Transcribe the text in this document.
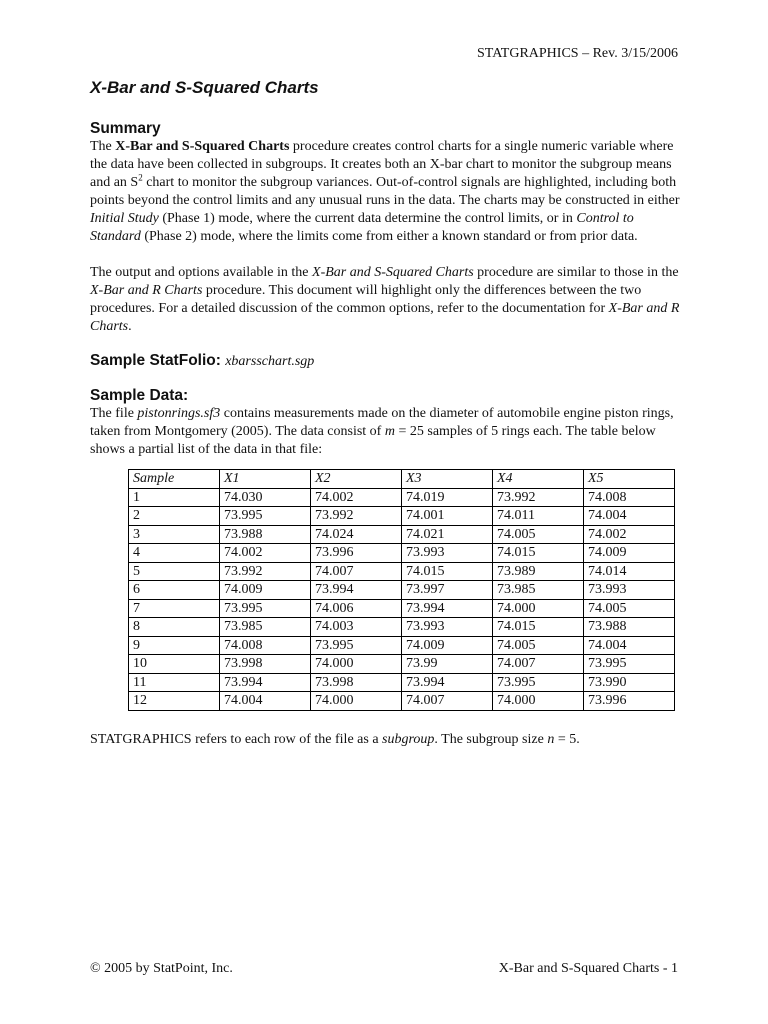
STATGRAPHICS – Rev. 3/15/2006
X-Bar and S-Squared Charts
Summary

The X-Bar and S-Squared Charts procedure creates control charts for a single numeric variable where the data have been collected in subgroups. It creates both an X-bar chart to monitor the subgroup means and an $S^2$ chart to monitor the subgroup variances. Out-of-control signals are highlighted, including both points beyond the control limits and any unusual runs in the data. The charts may be constructed in either Initial Study (Phase 1) mode, where the current data determine the control limits, or in Control to Standard (Phase 2) mode, where the limits come from either a known standard or from prior data.

The output and options available in the X-Bar and S-Squared Charts procedure are similar to those in the X-Bar and R Charts procedure. This document will highlight only the differences between the two procedures. For a detailed discussion of the common options, refer to the documentation for X-Bar and R Charts.

Sample StatFolio: xbarsschart.sgp
Sample Data:

The file pistonrings.sf3 contains measurements made on the diameter of automobile engine piston rings, taken from Montgomery (2005). The data consist of m = 25 samples of 5 rings each. The table below shows a partial list of the data in that file:

Sample	X1	X2	X3	X4	X5
1	74.030	74.002	74.019	73.992	74.008
2	73.995	73.992	74.001	74.011	74.004
3	73.988	74.024	74.021	74.005	74.002
4	74.002	73.996	73.993	74.015	74.009
5	73.992	74.007	74.015	73.989	74.014
6	74.009	73.994	73.997	73.985	73.993
7	73.995	74.006	73.994	74.000	74.005
8	73.985	74.003	73.993	74.015	73.988
9	74.008	73.995	74.009	74.005	74.004
10	73.998	74.000	73.99	74.007	73.995
11	73.994	73.998	73.994	73.995	73.990
12	74.004	74.000	74.007	74.000	73.996

STATGRAPHICS refers to each row of the file as a subgroup. The subgroup size n = 5.

© 2005 by StatPoint, Inc.	X-Bar and S-Squared Charts - 1
